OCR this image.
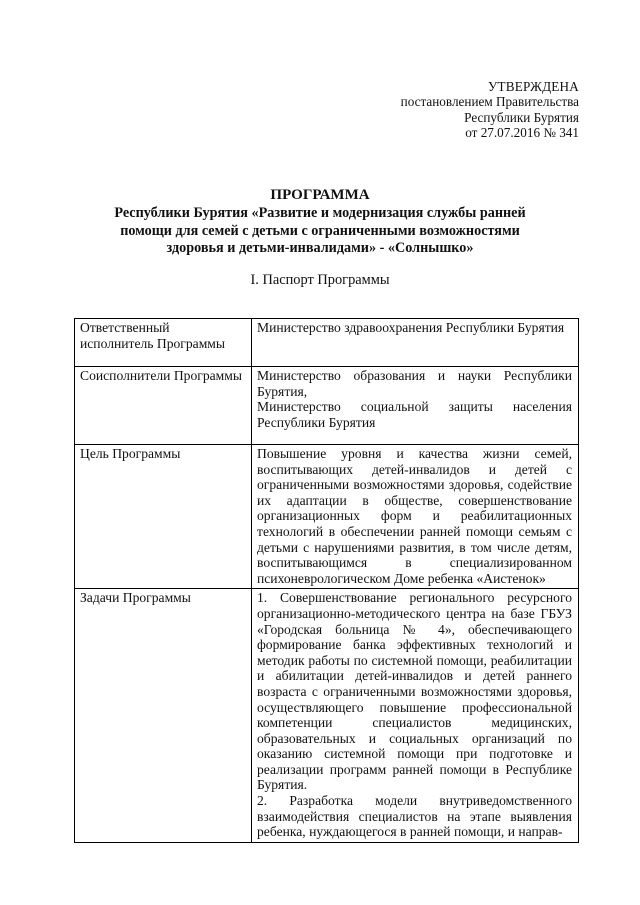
УТВЕРЖДЕНА
постановлением Правительства
Республики Бурятия
от 27.07.2016 № 341
ПРОГРАММА
Республики Бурятия «Развитие и модернизация службы ранней
помощи для семей с детьми с ограниченными возможностями
здоровья и детьми-инвалидами» - «Солнышко»
I. Паспорт Программы
Ответственный исполнитель Программы	Министерство здравоохранения Республики Бурятия
Соисполнители Программы	Министерство образования и науки Республики Бурятия,
Министерство социальной защиты населения Республики Бурятия

Цель Программы	Повышение уровня и качества жизни семей, воспитывающих детей-инвалидов и детей с ограниченными возможностями здоровья, содействие их адаптации в обществе, совершенствование организационных форм и реабилитационных технологий в обеспечении ранней помощи семьям с детьми с нарушениями развития, в том числе детям, воспитывающимся в специализированном психоневрологическом Доме ребенка «Аистенок»
Задачи Программы	1. Совершенствование регионального ресурсного организационно-методического центра на базе ГБУЗ «Городская больница № 4», обеспечивающего формирование банка эффективных технологий и методик работы по системной помощи, реабилитации и абилитации детей-инвалидов и детей раннего возраста с ограниченными возможностями здоровья, осуществляющего повышение профессиональной компетенции специалистов медицинских, образовательных и социальных организаций по оказанию системной помощи при подготовке и реализации программ ранней помощи в Республике Бурятия.
2. Разработка модели внутриведомственного взаимодействия специалистов на этапе выявления ребенка, нуждающегося в ранней помощи, и направ-
